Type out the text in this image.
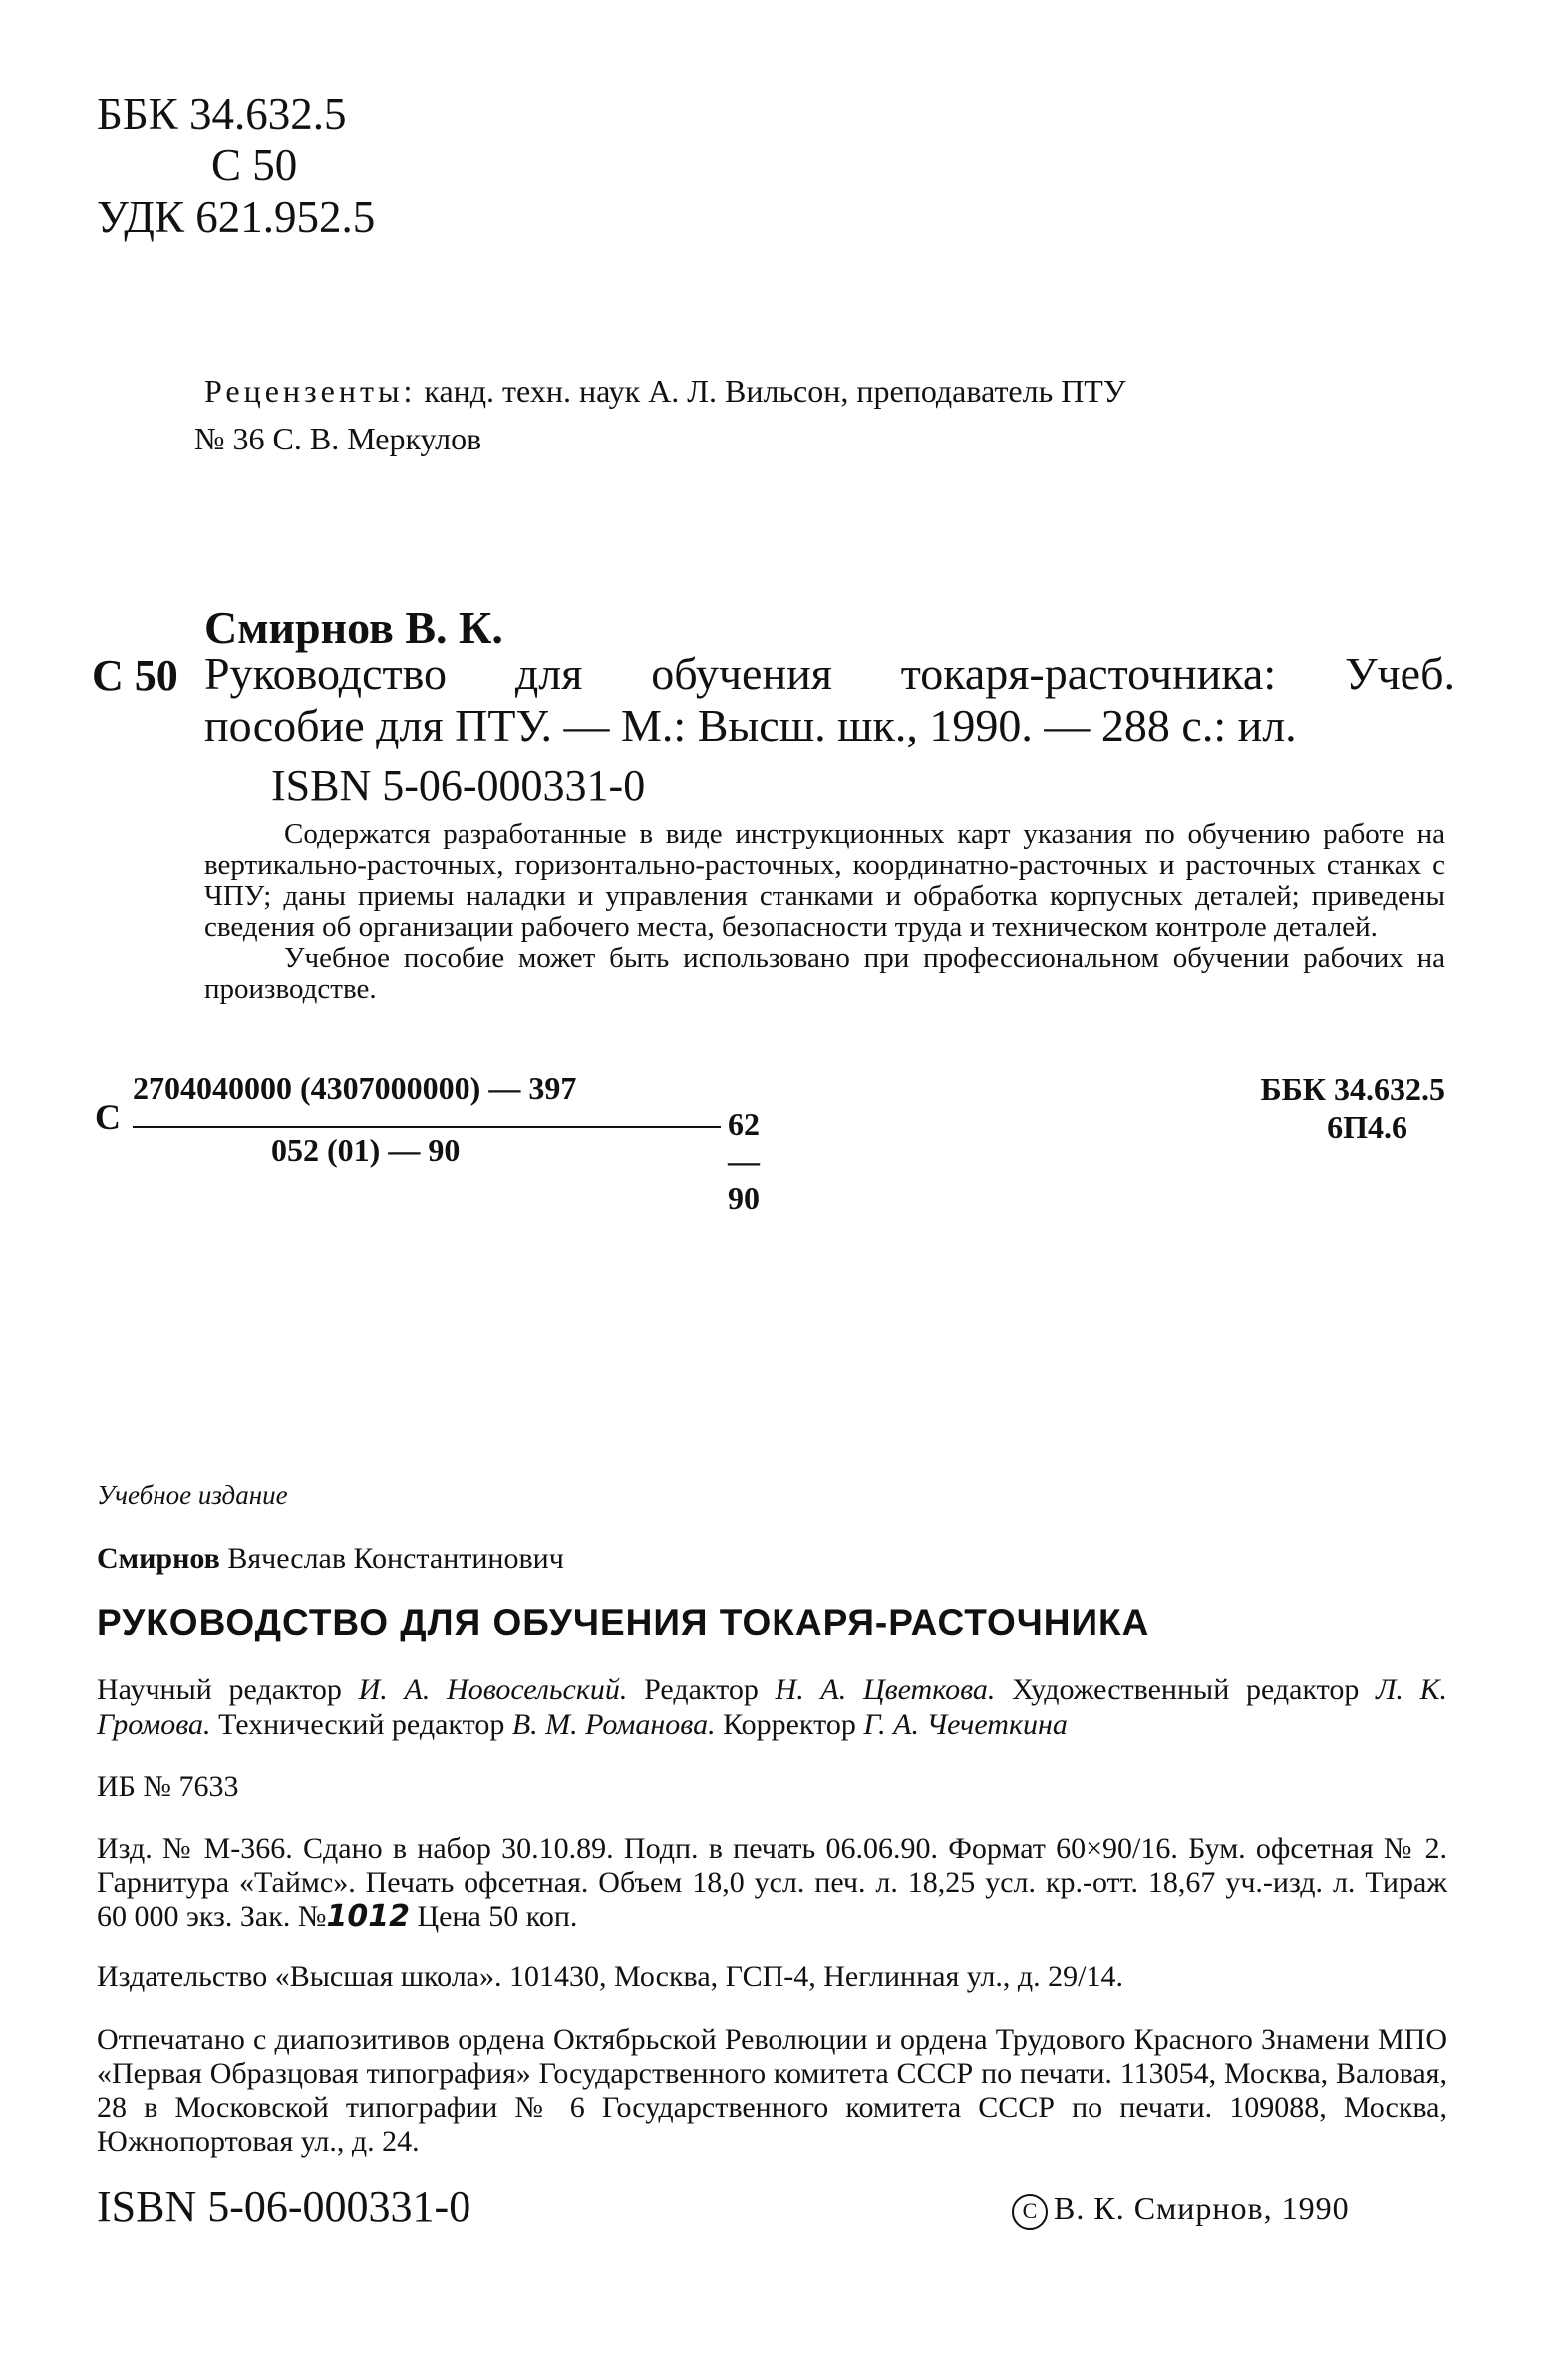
ББК 34.632.5
С 50
УДК 621.952.5
Рецензенты: канд. техн. наук А. Л. Вильсон, преподаватель ПТУ
№ 36 С. В. Меркулов
Смирнов В. К.
С 50 Руководство для обучения токаря-расточника: Учеб.
пособие для ПТУ. — М.: Высш. шк., 1990. — 288 с.: ил.
ISBN 5-06-000331-0

Содержатся разработанные в виде инструкционных карт указания по обучению работе на вертикально-расточных, горизонтально-расточных, координатно-расточных и расточных станках с ЧПУ; даны приемы наладки и управления станками и обработка корпусных деталей; приведены сведения об организации рабочего места, безопасности труда и техническом контроле деталей.

Учебное пособие может быть использовано при профессиональном обучении рабочих на производстве.

С
2704040000 (4307000000) — 397
052 (01) — 90
62 — 90
ББК 34.632.5
6П4.6
Учебное издание
Смирнов Вячеслав Константинович
РУКОВОДСТВО ДЛЯ ОБУЧЕНИЯ ТОКАРЯ-РАСТОЧНИКА
Научный редактор И. А. Новосельский. Редактор Н. А. Цветкова. Художественный редактор Л. К. Громова. Технический редактор В. М. Романова. Корректор Г. А. Чечеткина
ИБ № 7633
Изд. № М-366. Сдано в набор 30.10.89. Подп. в печать 06.06.90. Формат 60×90/16. Бум. офсетная № 2. Гарнитура «Таймс». Печать офсетная. Объем 18,0 усл. печ. л. 18,25 усл. кр.-отт. 18,67 уч.-изд. л. Тираж 60 000 экз. Зак. №1012 Цена 50 коп.
Издательство «Высшая школа». 101430, Москва, ГСП-4, Неглинная ул., д. 29/14.
Отпечатано с диапозитивов ордена Октябрьской Революции и ордена Трудового Красного Знамени МПО «Первая Образцовая типография» Государственного комитета СССР по печати. 113054, Москва, Валовая, 28 в Московской типографии № 6 Государственного комитета СССР по печати. 109088, Москва, Южнопортовая ул., д. 24.
ISBN 5-06-000331-0	С В. К. Смирнов, 1990
